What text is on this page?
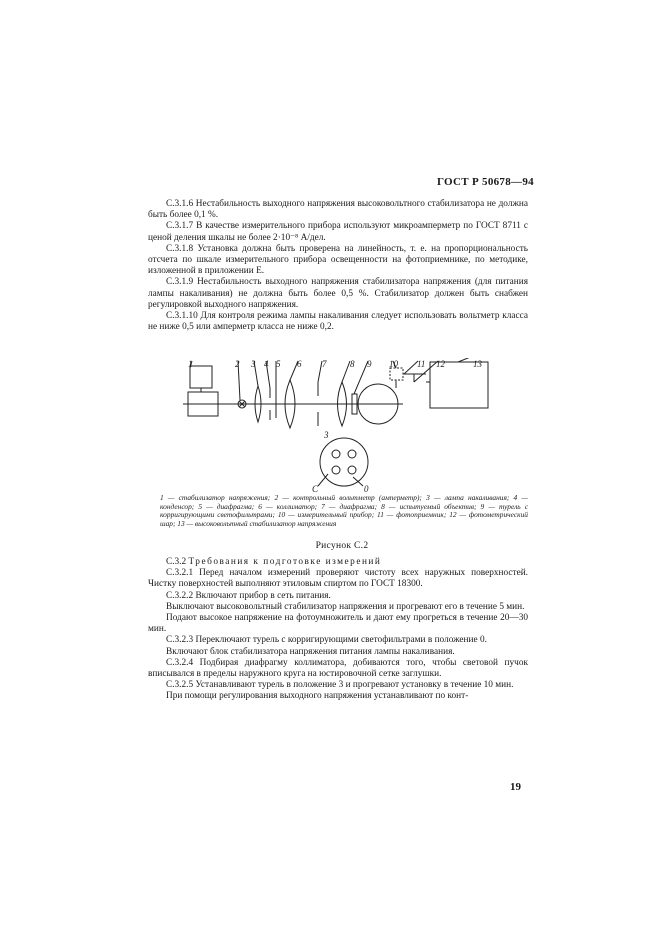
ГОСТ Р 50678—94

С.3.1.6 Нестабильность выходного напряжения высоковольтного стабилизатора не должна быть более 0,1 %.

С.3.1.7 В качестве измерительного прибора используют микроамперметр по ГОСТ 8711 с ценой деления шкалы не более 2·10⁻⁸ А/дел.

С.3.1.8 Установка должна быть проверена на линейность, т. е. на пропорциональность отсчета по шкале измерительного прибора освещенности на фотоприемнике, по методике, изложенной в приложении Е.

С.3.1.9 Нестабильность выходного напряжения стабилизатора напряжения (для питания лампы накаливания) не должна быть более 0,5 %. Стабилизатор должен быть снабжен регулировкой выходного напряжения.

С.3.1.10 Для контроля режима лампы накаливания следует использовать вольтметр класса не ниже 0,5 или амперметр класса не ниже 0,2.

1	2 3 4 5 6 7	8 9 10 11 12	13
3
С	0

1 — стабилизатор напряжения; 2 — контрольный вольтметр (амперметр); 3 — лампа накаливания; 4 — конденсор; 5 — диафрагма; 6 — коллиматор; 7 — диафрагма; 8 — испытуемый объектив; 9 — турель с корригирующими светофильтрами; 10 — измерительный прибор; 11 — фотоприемник; 12 — фотометрический шар; 13 — высоковольтный стабилизатор напряжения

Рисунок С.2

С.3.2 Требования к подготовке измерений

С.3.2.1 Перед началом измерений проверяют чистоту всех наружных поверхностей. Чистку поверхностей выполняют этиловым спиртом по ГОСТ 18300.

С.3.2.2 Включают прибор в сеть питания.

Выключают высоковольтный стабилизатор напряжения и прогревают его в течение 5 мин.

Подают высокое напряжение на фотоумножитель и дают ему прогреться в течение 20—30 мин.

С.3.2.3 Переключают турель с корригирующими светофильтрами в положение 0.

Включают блок стабилизатора напряжения питания лампы накаливания.

С.3.2.4 Подбирая диафрагму коллиматора, добиваются того, чтобы световой пучок вписывался в пределы наружного круга на юстировочной сетке заглушки.

С.3.2.5 Устанавливают турель в положение 3 и прогревают установку в течение 10 мин.

При помощи регулирования выходного напряжения устанавливают по конт-

19
